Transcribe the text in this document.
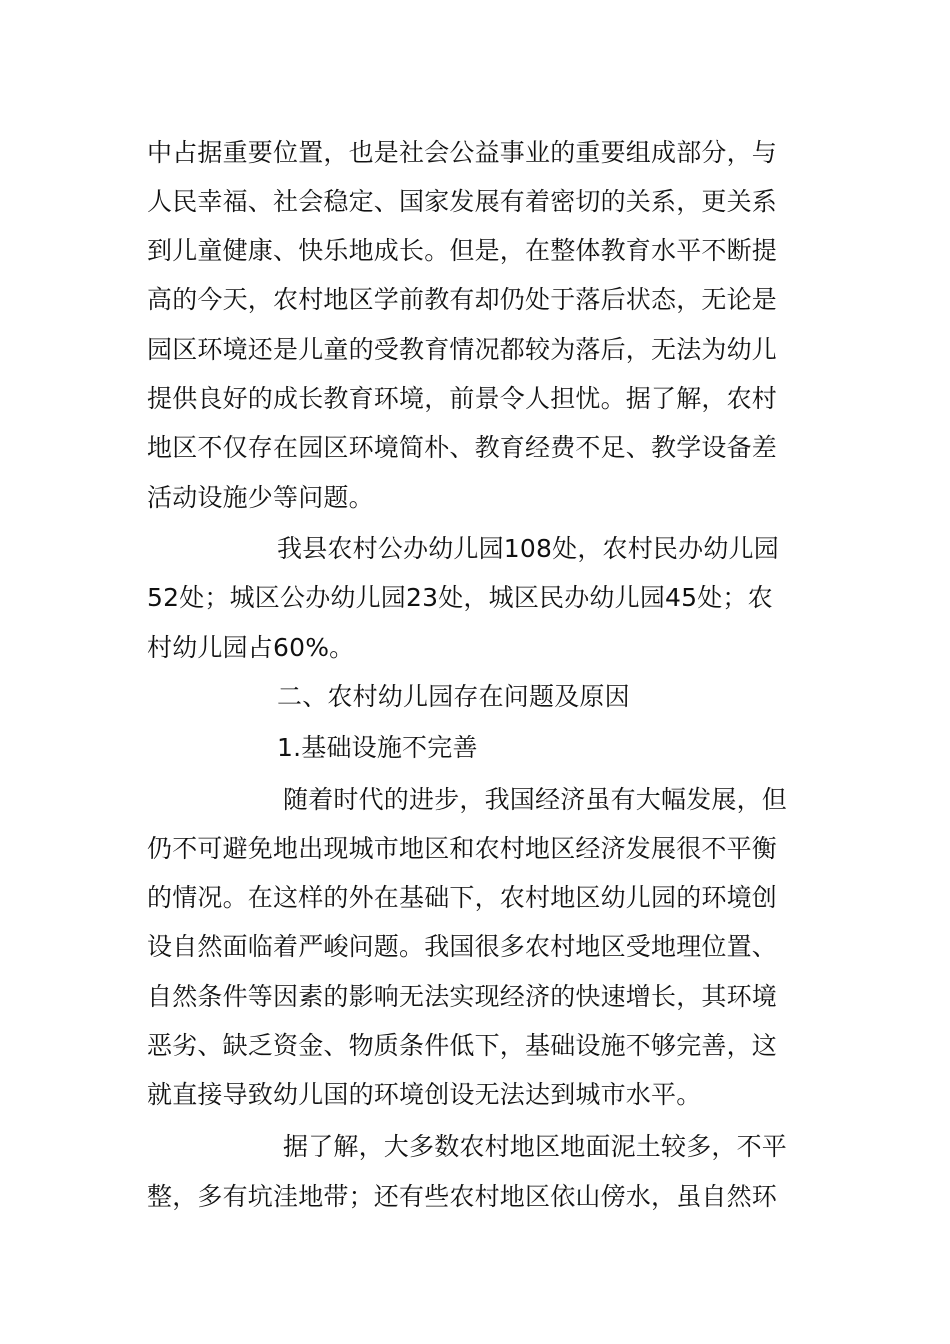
中占据重要位置，也是社会公益事业的重要组成部分，与
人民幸福、社会稳定、国家发展有着密切的关系，更关系
到儿童健康、快乐地成长。但是，在整体教育水平不断提
高的今天，农村地区学前教有却仍处于落后状态，无论是
园区环境还是儿童的受教育情况都较为落后，无法为幼儿
提供良好的成长教育环境，前景令人担忧。据了解，农村
地区不仅存在园区环境简朴、教育经费不足、教学设备差
活动设施少等问题。
我县农村公办幼儿园108处，农村民办幼儿园
52处；城区公办幼儿园23处，城区民办幼儿园45处；农
村幼儿园占60%。
二、农村幼儿园存在问题及原因
1.基础设施不完善
随着时代的进步，我国经济虽有大幅发展，但
仍不可避免地出现城市地区和农村地区经济发展很不平衡
的情况。在这样的外在基础下，农村地区幼儿园的环境创
设自然面临着严峻问题。我国很多农村地区受地理位置、
自然条件等因素的影响无法实现经济的快速增长，其环境
恶劣、缺乏资金、物质条件低下，基础设施不够完善，这
就直接导致幼儿国的环境创设无法达到城市水平。
据了解，大多数农村地区地面泥土较多，不平
整，多有坑洼地带；还有些农村地区依山傍水，虽自然环
